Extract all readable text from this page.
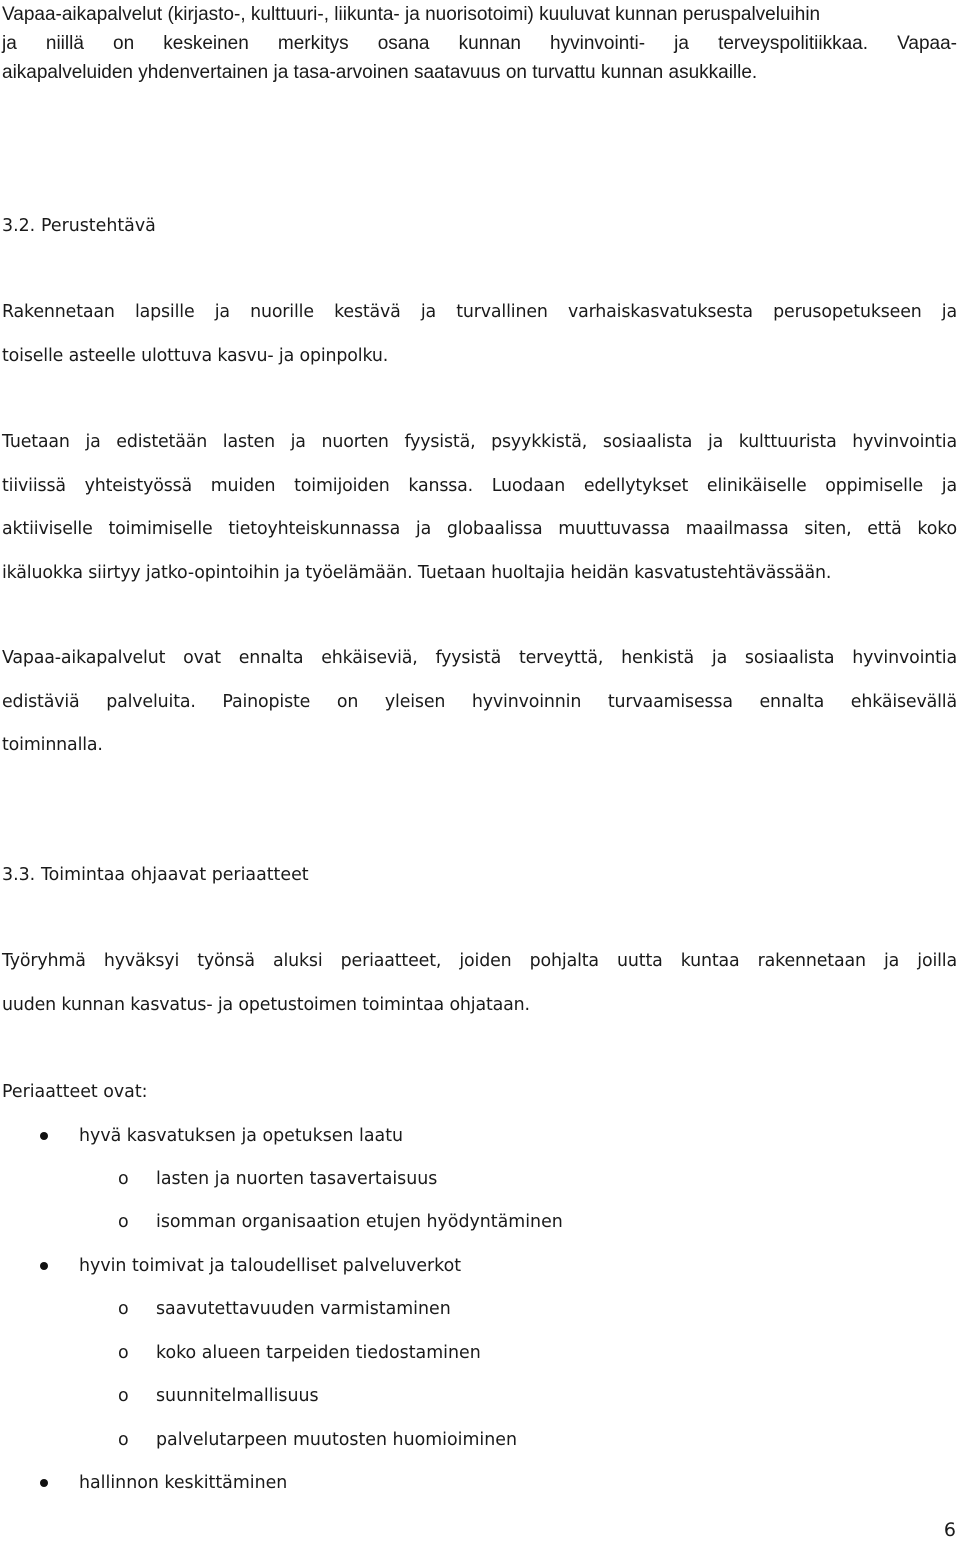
Vapaa-aikapalvelut (kirjasto-, kulttuuri-, liikunta- ja nuorisotoimi) kuuluvat kunnan peruspalveluihin
ja niillä on keskeinen merkitys osana kunnan hyvinvointi- ja terveyspolitiikkaa. Vapaa-
aikapalveluiden yhdenvertainen ja tasa-arvoinen saatavuus on turvattu kunnan asukkaille.
3.2. Perustehtävä
Rakennetaan lapsille ja nuorille kestävä ja turvallinen varhaiskasvatuksesta perusopetukseen ja
toiselle asteelle ulottuva kasvu- ja opinpolku.
Tuetaan ja edistetään lasten ja nuorten fyysistä, psyykkistä, sosiaalista ja kulttuurista hyvinvointia
tiiviissä yhteistyössä muiden toimijoiden kanssa. Luodaan edellytykset elinikäiselle oppimiselle ja
aktiiviselle toimimiselle tietoyhteiskunnassa ja globaalissa muuttuvassa maailmassa siten, että koko
ikäluokka siirtyy jatko-opintoihin ja työelämään. Tuetaan huoltajia heidän kasvatustehtävässään.
Vapaa-aikapalvelut ovat ennalta ehkäiseviä, fyysistä terveyttä, henkistä ja sosiaalista hyvinvointia
edistäviä palveluita. Painopiste on yleisen hyvinvoinnin turvaamisessa ennalta ehkäisevällä
toiminnalla.
3.3. Toimintaa ohjaavat periaatteet
Työryhmä hyväksyi työnsä aluksi periaatteet, joiden pohjalta uutta kuntaa rakennetaan ja joilla
uuden kunnan kasvatus- ja opetustoimen toimintaa ohjataan.
Periaatteet ovat:
hyvä kasvatuksen ja opetuksen laatu
o lasten ja nuorten tasavertaisuus
o isomman organisaation etujen hyödyntäminen
hyvin toimivat ja taloudelliset palveluverkot
o saavutettavuuden varmistaminen
o koko alueen tarpeiden tiedostaminen
o suunnitelmallisuus
o palvelutarpeen muutosten huomioiminen
hallinnon keskittäminen
6
